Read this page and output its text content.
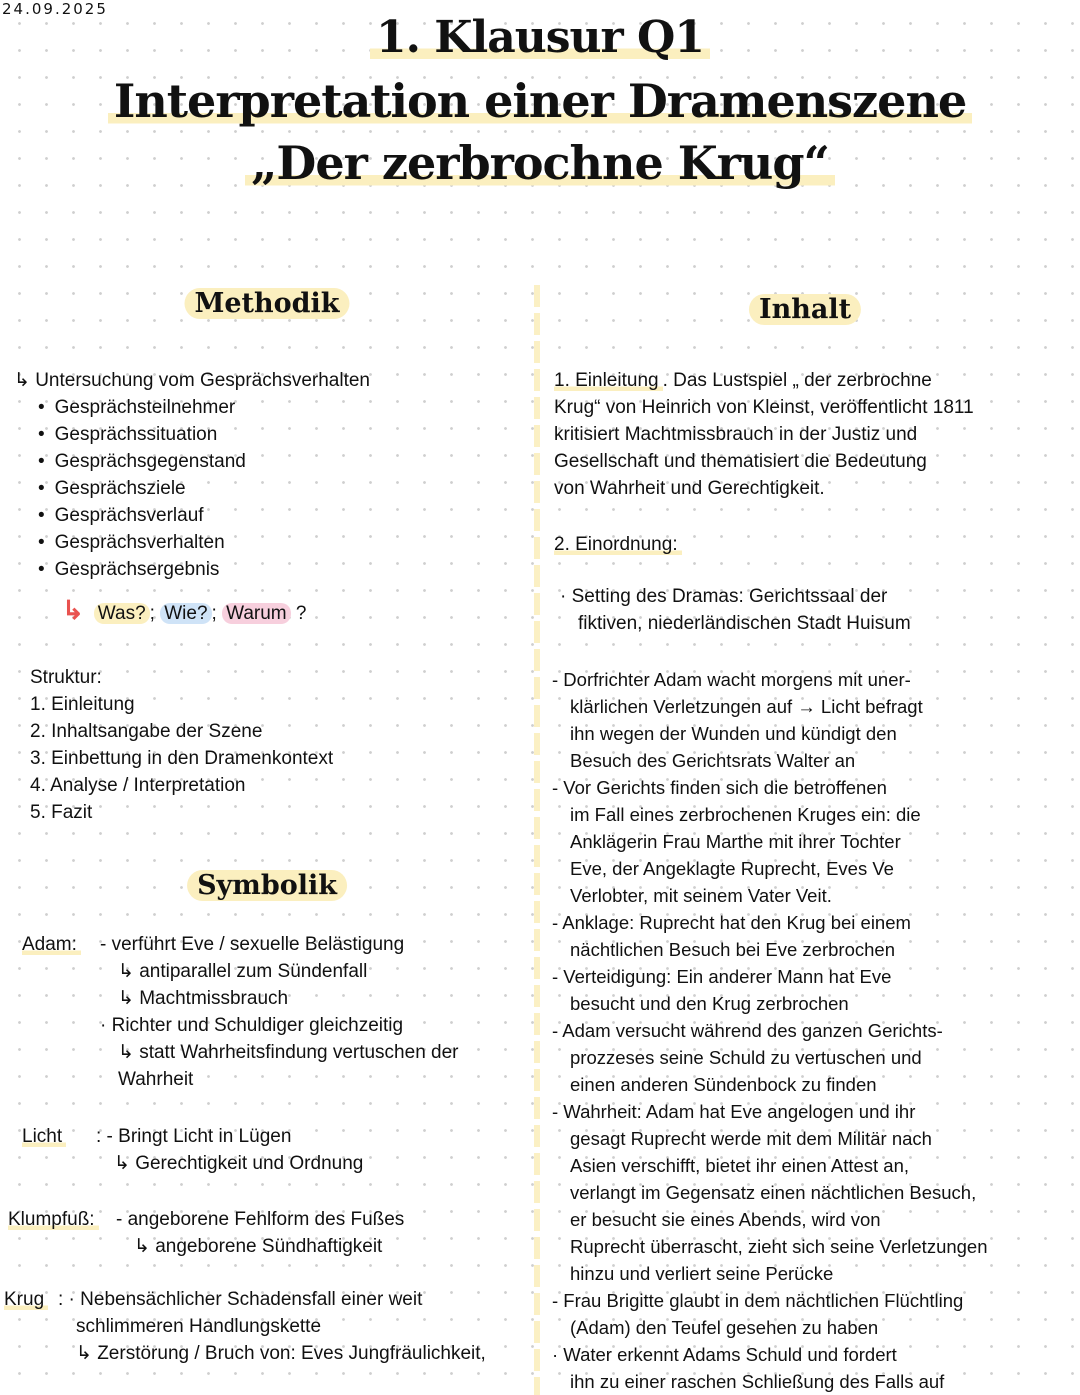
24.09.2025
1. Klausur Q1
Interpretation einer Dramenszene
„Der zerbrochne Krug“
Methodik	Inhalt
Symbolik
↳ Untersuchung vom Gesprächsverhalten
• Gesprächsteilnehmer
• Gesprächssituation
• Gesprächsgegenstand
• Gesprächsziele
• Gesprächsverlauf
• Gesprächsverhalten
• Gesprächsergebnis
↳ Was? ; Wie? ; Warum ?
Struktur:
1. Einleitung
2. Inhaltsangabe der Szene
3. Einbettung in den Dramenkontext
4. Analyse / Interpretation
5. Fazit
Adam: - verführt Eve / sexuelle Belästigung
↳ antiparallel zum Sündenfall
↳ Machtmissbrauch
· Richter und Schuldiger gleichzeitig
↳ statt Wahrheitsfindung vertuschen der
Wahrheit
Licht : - Bringt Licht in Lügen
↳ Gerechtigkeit und Ordnung
Klumpfuß: - angeborene Fehlform des Fußes
↳ angeborene Sündhaftigkeit
Krug : · Nebensächlicher Schadensfall einer weit
schlimmeren Handlungskette
↳ Zerstörung / Bruch von: Eves Jungfräulichkeit,
1. Einleitung . Das Lustspiel „ der zerbrochne
Krug“ von Heinrich von Kleinst, veröffentlicht 1811
kritisiert Machtmissbrauch in der Justiz und
Gesellschaft und thematisiert die Bedeutung
von Wahrheit und Gerechtigkeit.
2. Einordnung:
· Setting des Dramas: Gerichtssaal der
fiktiven, niederländischen Stadt Huisum
- Dorfrichter Adam wacht morgens mit uner-
klärlichen Verletzungen auf → Licht befragt
ihn wegen der Wunden und kündigt den
Besuch des Gerichtsrats Walter an
- Vor Gerichts finden sich die betroffenen
im Fall eines zerbrochenen Kruges ein: die
Anklägerin Frau Marthe mit ihrer Tochter
Eve, der Angeklagte Ruprecht, Eves Ve
Verlobter, mit seinem Vater Veit.
- Anklage: Ruprecht hat den Krug bei einem
nächtlichen Besuch bei Eve zerbrochen
- Verteidigung: Ein anderer Mann hat Eve
besucht und den Krug zerbrochen
- Adam versucht während des ganzen Gerichts-
prozzeses seine Schuld zu vertuschen und
einen anderen Sündenbock zu finden
- Wahrheit: Adam hat Eve angelogen und ihr
gesagt Ruprecht werde mit dem Militär nach
Asien verschifft, bietet ihr einen Attest an,
verlangt im Gegensatz einen nächtlichen Besuch,
er besucht sie eines Abends, wird von
Ruprecht überrascht, zieht sich seine Verletzungen
hinzu und verliert seine Perücke
- Frau Brigitte glaubt in dem nächtlichen Flüchtling
(Adam) den Teufel gesehen zu haben
· Water erkennt Adams Schuld und fordert
ihn zu einer raschen Schließung des Falls auf
